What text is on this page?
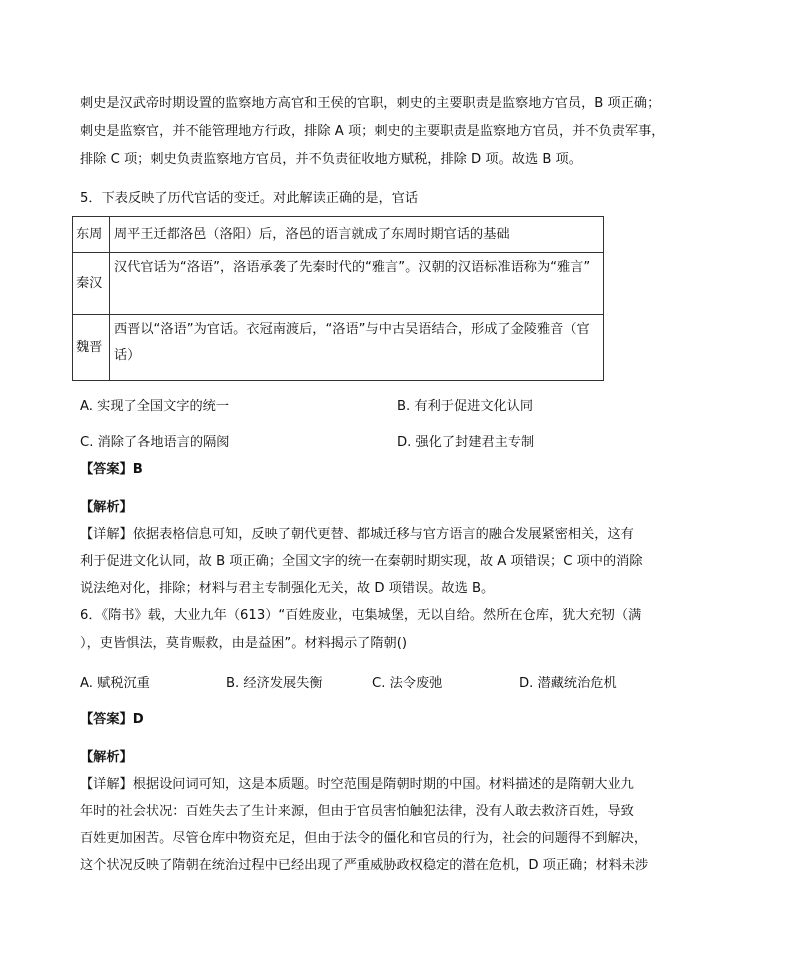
刺史是汉武帝时期设置的监察地方高官和王侯的官职，刺史的主要职责是监察地方官员，B 项正确；
刺史是监察官，并不能管理地方行政，排除 A 项；刺史的主要职责是监察地方官员，并不负责军事，
排除 C 项；刺史负责监察地方官员，并不负责征收地方赋税，排除 D 项。故选 B 项。
5．下表反映了历代官话的变迁。对此解读正确的是，官话
东周	周平王迁都洛邑（洛阳）后，洛邑的语言就成了东周时期官话的基础
秦汉	汉代官话为“洛语”，洛语承袭了先秦时代的“雅言”。汉朝的汉语标准语称为“雅言”
魏晋	西晋以“洛语”为官话。衣冠南渡后，“洛语”与中古吴语结合，形成了金陵雅音（官话）
A. 实现了全国文字的统一	B. 有利于促进文化认同
C. 消除了各地语言的隔阂	D. 强化了封建君主专制
【答案】B
【解析】
【详解】依据表格信息可知，反映了朝代更替、都城迁移与官方语言的融合发展紧密相关，这有
利于促进文化认同，故 B 项正确；全国文字的统一在秦朝时期实现，故 A 项错误；C 项中的消除
说法绝对化，排除；材料与君主专制强化无关，故 D 项错误。故选 B。
6．《隋书》载，大业九年（613）“百姓废业，屯集城堡，无以自给。然所在仓库，犹大充牣（满
），吏皆惧法，莫肯赈救，由是益困”。材料揭示了隋朝()
A. 赋税沉重	B. 经济发展失衡	C. 法令废弛	D. 潜藏统治危机
【答案】D
【解析】
【详解】根据设问词可知，这是本质题。时空范围是隋朝时期的中国。材料描述的是隋朝大业九
年时的社会状况：百姓失去了生计来源，但由于官员害怕触犯法律，没有人敢去救济百姓，导致
百姓更加困苦。尽管仓库中物资充足，但由于法令的僵化和官员的行为，社会的问题得不到解决，
这个状况反映了隋朝在统治过程中已经出现了严重威胁政权稳定的潜在危机，D 项正确；材料未涉
